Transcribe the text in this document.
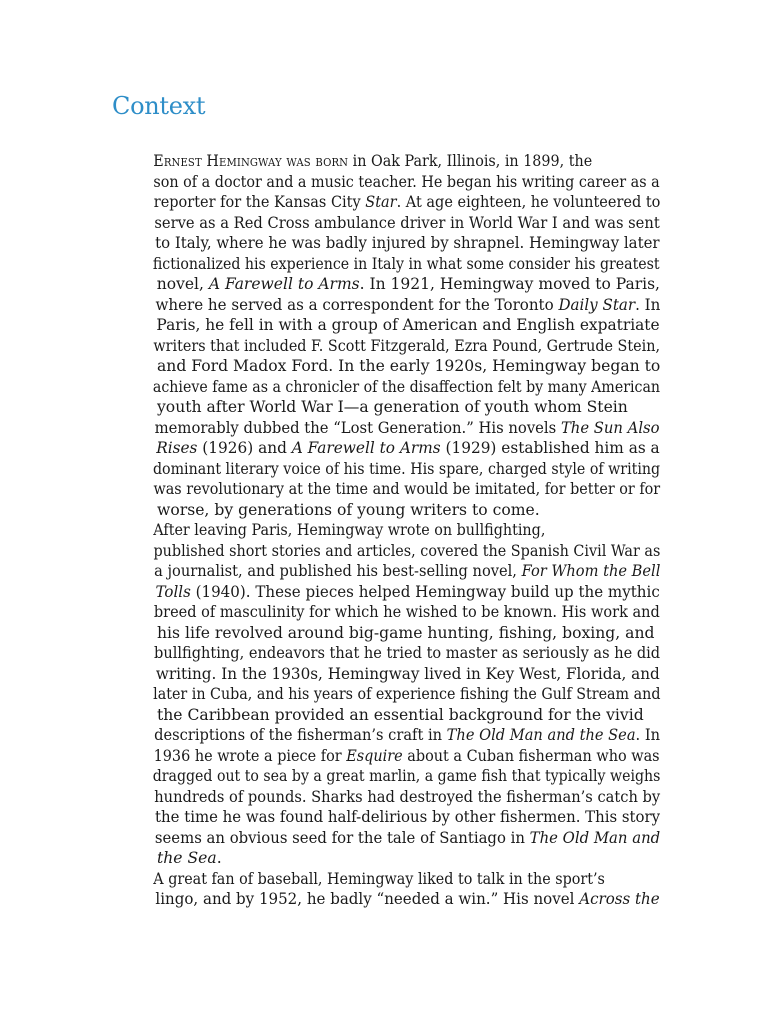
Context

Ernest Hemingway was born in Oak Park, Illinois, in 1899, the
son of a doctor and a music teacher. He began his writing career as a
reporter for the Kansas City Star. At age eighteen, he volunteered to
serve as a Red Cross ambulance driver in World War I and was sent
to Italy, where he was badly injured by shrapnel. Hemingway later
fictionalized his experience in Italy in what some consider his greatest
novel, A Farewell to Arms. In 1921, Hemingway moved to Paris,
where he served as a correspondent for the Toronto Daily Star. In
Paris, he fell in with a group of American and English expatriate
writers that included F. Scott Fitzgerald, Ezra Pound, Gertrude Stein,
and Ford Madox Ford. In the early 1920s, Hemingway began to
achieve fame as a chronicler of the disaffection felt by many American
youth after World War I—a generation of youth whom Stein
memorably dubbed the “Lost Generation.” His novels The Sun Also
Rises (1926) and A Farewell to Arms (1929) established him as a
dominant literary voice of his time. His spare, charged style of writing
was revolutionary at the time and would be imitated, for better or for
worse, by generations of young writers to come.

After leaving Paris, Hemingway wrote on bullfighting,
published short stories and articles, covered the Spanish Civil War as
a journalist, and published his best-selling novel, For Whom the Bell
Tolls (1940). These pieces helped Hemingway build up the mythic
breed of masculinity for which he wished to be known. His work and
his life revolved around big-game hunting, fishing, boxing, and
bullfighting, endeavors that he tried to master as seriously as he did
writing. In the 1930s, Hemingway lived in Key West, Florida, and
later in Cuba, and his years of experience fishing the Gulf Stream and
the Caribbean provided an essential background for the vivid
descriptions of the fisherman’s craft in The Old Man and the Sea. In
1936 he wrote a piece for Esquire about a Cuban fisherman who was
dragged out to sea by a great marlin, a game fish that typically weighs
hundreds of pounds. Sharks had destroyed the fisherman’s catch by
the time he was found half-delirious by other fishermen. This story
seems an obvious seed for the tale of Santiago in The Old Man and
the Sea.

A great fan of baseball, Hemingway liked to talk in the sport’s
lingo, and by 1952, he badly “needed a win.” His novel Across the
